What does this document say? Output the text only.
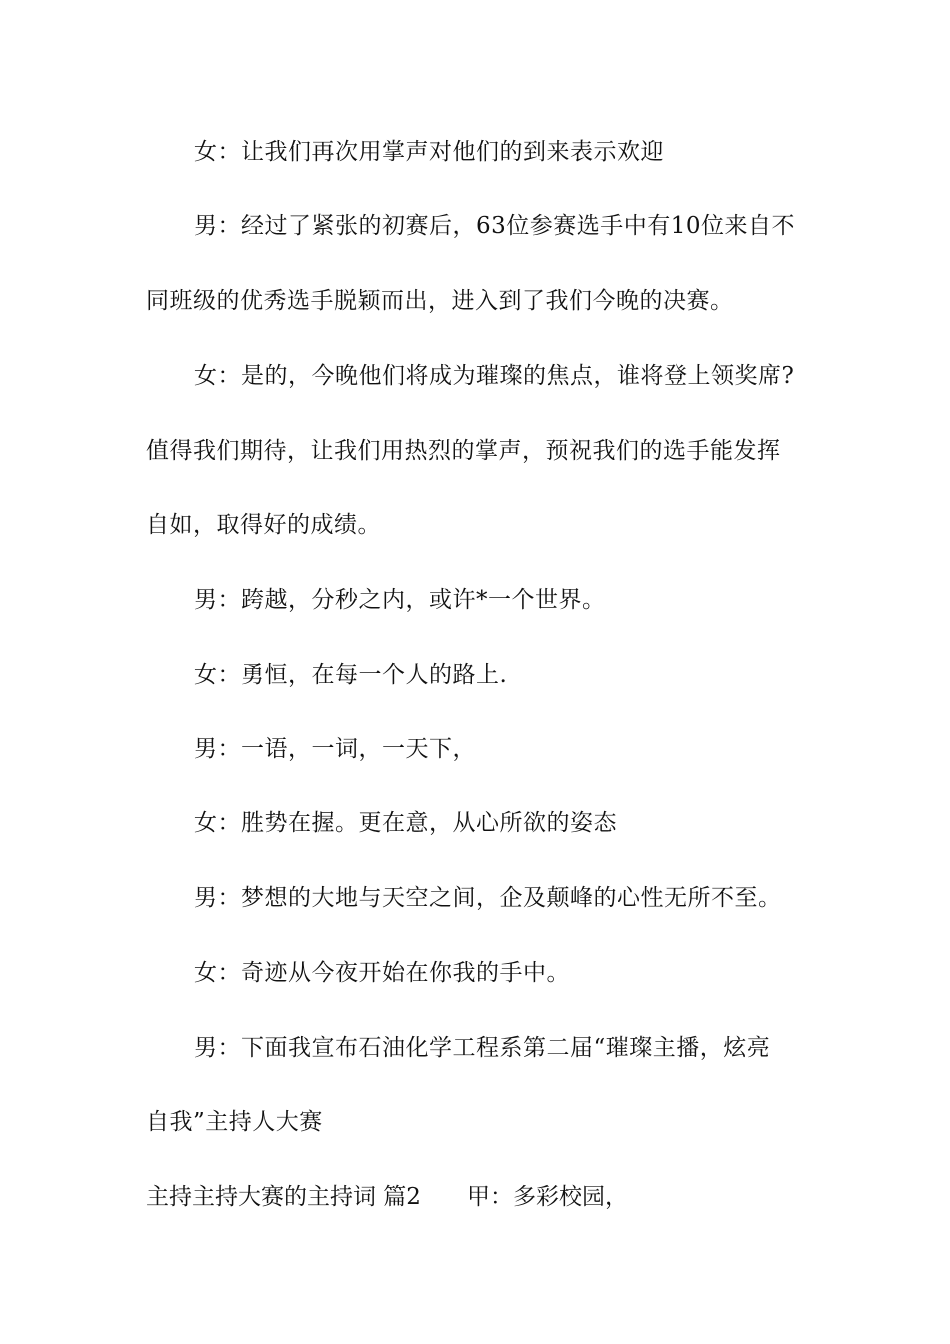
女：让我们再次用掌声对他们的到来表示欢迎
男：经过了紧张的初赛后，63位参赛选手中有10位来自不
同班级的优秀选手脱颖而出，进入到了我们今晚的决赛。
女：是的，今晚他们将成为璀璨的焦点，谁将登上领奖席?
值得我们期待，让我们用热烈的掌声，预祝我们的选手能发挥
自如，取得好的成绩。
男：跨越，分秒之内，或许*一个世界。
女：勇恒，在每一个人的路上.
男：一语，一词，一天下，
女：胜势在握。更在意，从心所欲的姿态
男：梦想的大地与天空之间，企及颠峰的心性无所不至。
女：奇迹从今夜开始在你我的手中。
男：下面我宣布石油化学工程系第二届“璀璨主播，炫亮
自我”主持人大赛
主持主持大赛的主持词 篇2 甲：多彩校园，
